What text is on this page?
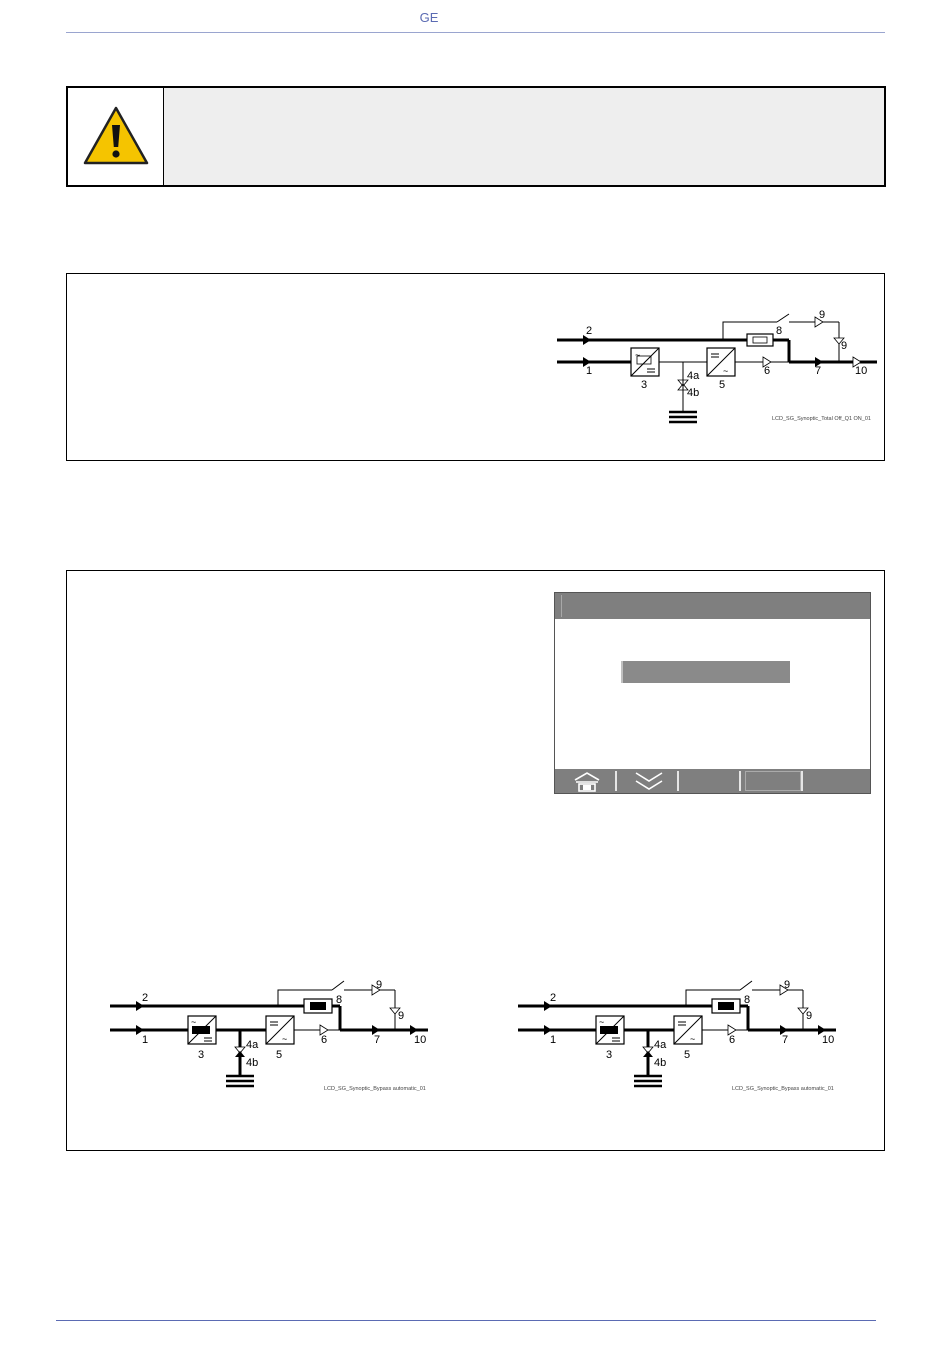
GE
~
~
2
1
3
4a
4b
5
6	7
8
9
9
10
LCD_SG_Synoptic_Total Off_Q1 ON_01
~
~
2
1
3
4a
4b
5
6	7
8
9
9
10
LCD_SG_Synoptic_Bypass automatic_01
~
~
2
1
3
4a
4b
5
6	7
8
9
9
10
LCD_SG_Synoptic_Bypass automatic_01
